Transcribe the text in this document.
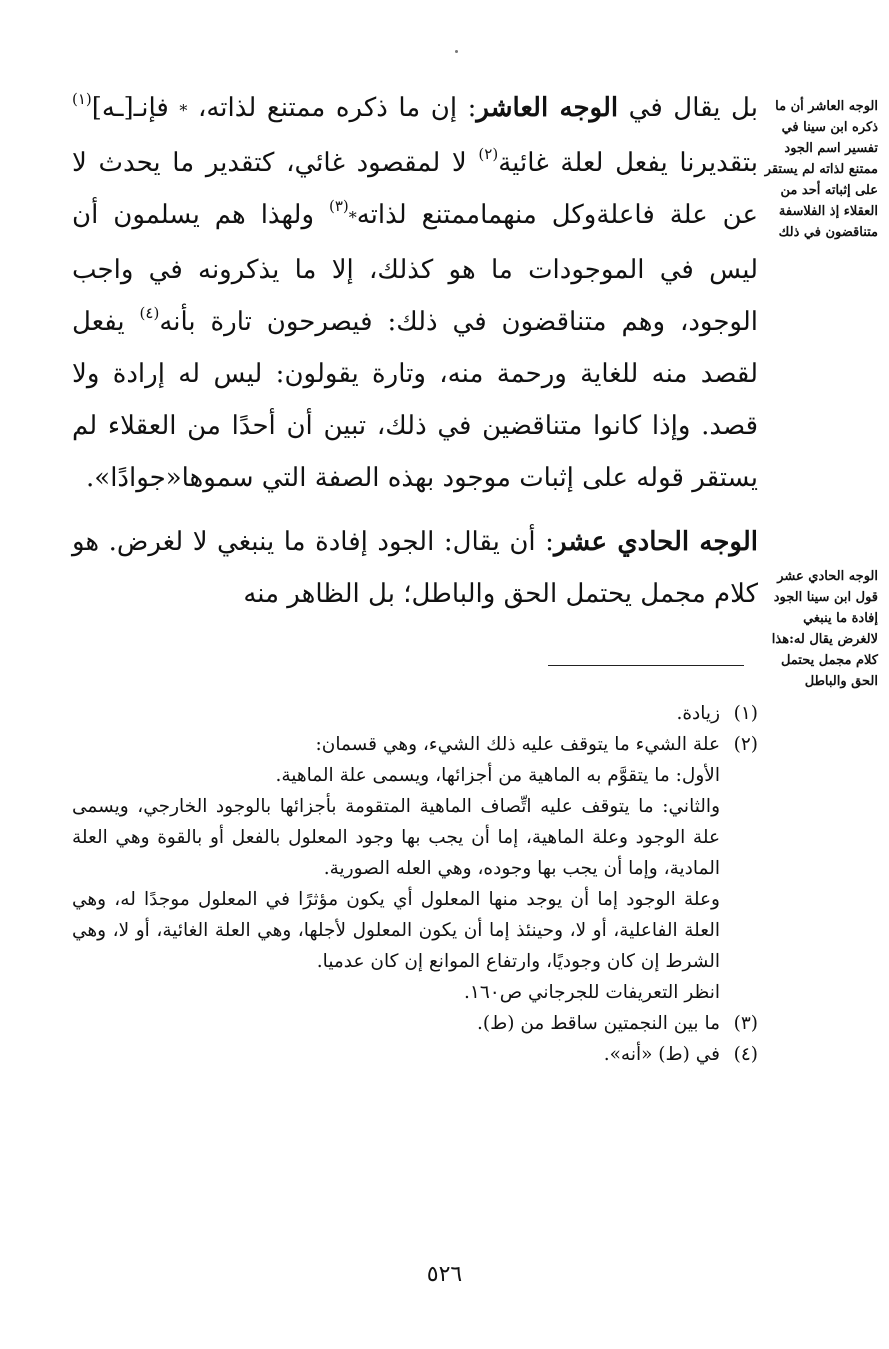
الوجه العاشر أن ما ذكره ابن سينا في تفسير اسم الجود ممتنع لذاته لم يستقر على إثباته أحد من العقلاء إذ الفلاسفة متناقضون في ذلك
الوجه الحادي عشر قول ابن سينا الجود إفادة ما ينبغي لالغرض يقال له:هذا كلام مجمل يحتمل الحق والباطل

بل يقال في الوجه العاشر: إن ما ذكره ممتنع لذاته، * فإنـ[ـه]$^{(١)}$ بتقديرنا يفعل لعلة غائية$^{(٢)}$ لا لمقصود غائي، كتقدير ما يحدث لا عن علة فاعلةوكل منهماممتنع لذاته*$^{(٣)}$ ولهذا هم يسلمون أن ليس في الموجودات ما هو كذلك، إلا ما يذكرونه في واجب الوجود، وهم متناقضون في ذلك: فيصرحون تارة بأنه$^{(٤)}$ يفعل لقصد منه للغاية ورحمة منه، وتارة يقولون: ليس له إرادة ولا قصد. وإذا كانوا متناقضين في ذلك، تبين أن أحدًا من العقلاء لم يستقر قوله على إثبات موجود بهذه الصفة التي سموها«جوادًا».

الوجه الحادي عشر: أن يقال: الجود إفادة ما ينبغي لا لغرض. هو كلام مجمل يحتمل الحق والباطل؛ بل الظاهر منه

(١)

زيادة.

(٢)

علة الشيء ما يتوقف عليه ذلك الشيء، وهي قسمان:

الأول: ما يتقوَّم به الماهية من أجزائها، ويسمى علة الماهية.

والثاني: ما يتوقف عليه اتِّصاف الماهية المتقومة بأجزائها بالوجود الخارجي، ويسمى علة الوجود وعلة الماهية، إما أن يجب بها وجود المعلول بالفعل أو بالقوة وهي العلة المادية، وإما أن يجب بها وجوده، وهي العله الصورية.

وعلة الوجود إما أن يوجد منها المعلول أي يكون مؤثرًا في المعلول موجدًا له، وهي العلة الفاعلية، أو لا، وحينئذ إما أن يكون المعلول لأجلها، وهي العلة الغائية، أو لا، وهي الشرط إن كان وجوديًا، وارتفاع الموانع إن كان عدميا.

انظر التعريفات للجرجاني ص١٦٠.

(٣)

ما بين النجمتين ساقط من (ط).

(٤)

في (ط) «أنه».

٥٢٦
